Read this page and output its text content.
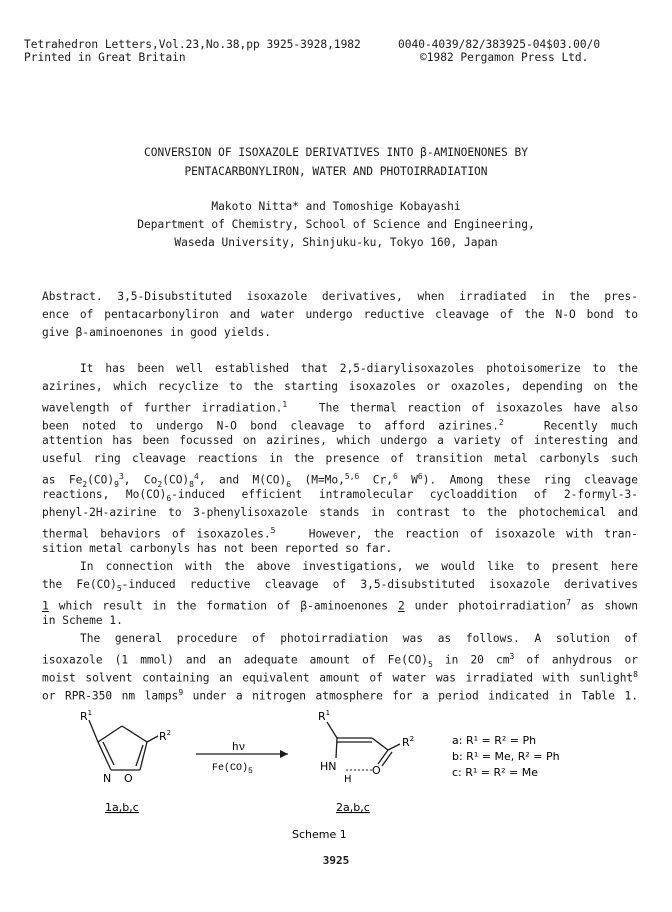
Tetrahedron Letters,Vol.23,No.38,pp 3925-3928,1982
Printed in Great Britain
0040-4039/82/383925-04$03.00/0
©1982 Pergamon Press Ltd.
CONVERSION OF ISOXAZOLE DERIVATIVES INTO β-AMINOENONES BY
PENTACARBONYLIRON, WATER AND PHOTOIRRADIATION
Makoto Nitta* and Tomoshige Kobayashi
Department of Chemistry, School of Science and Engineering,
Waseda University, Shinjuku-ku, Tokyo 160, Japan
Abstract. 3,5-Disubstituted isoxazole derivatives, when irradiated in the pres-
ence of pentacarbonyliron and water undergo reductive cleavage of the N-O bond to
give β-aminoenones in good yields.
It has been well established that 2,5-diarylisoxazoles photoisomerize to the
azirines, which recyclize to the starting isoxazoles or oxazoles, depending on the
wavelength of further irradiation.$^1$	The thermal reaction of isoxazoles have also
been noted to undergo N-O bond cleavage to afford azirines.$^2$	Recently much
attention has been focussed on azirines, which undergo a variety of interesting and
useful ring cleavage reactions in the presence of transition metal carbonyls such
as $Fe_2(CO)_9^3$, $Co_2(CO)_8^4$, and $M(CO)_6$ (M=Mo,$^{5,6}$ Cr,$^6$ $W^6$). Among these ring cleavage
reactions, $Mo(CO)_6$-induced efficient intramolecular cycloaddition of 2-formyl-3-
phenyl-2H-azirine to 3-phenylisoxazole stands in contrast to the photochemical and
thermal behaviors of isoxazoles.$^5$	However, the reaction of isoxazole with tran-
sition metal carbonyls has not been reported so far.
In connection with the above investigations, we would like to present here
the $Fe(CO)_5$-induced reductive cleavage of 3,5-disubstituted isoxazole derivatives
1 which result in the formation of β-aminoenones 2 under photoirradiation$^7$ as shown
in Scheme 1.
The general procedure of photoirradiation was as follows. A solution of
isoxazole (1 mmol) and an adequate amount of $Fe(CO)_5$ in 20 $cm^3$ of anhydrous or
moist solvent containing an equivalent amount of water was irradiated with sunlight$^8$
or RPR-350 nm lamps$^9$ under a nitrogen atmosphere for a period indicated in Table 1.
$R^1$
N O
$R^2$
1a,b,c
hν
$Fe(CO)_5$
$R^1$
HN
H
O
$R^2$
2a,b,c
a: R¹ = R² = Ph
b: R¹ = Me, R² = Ph
c: R¹ = R² = Me
Scheme 1
3925
